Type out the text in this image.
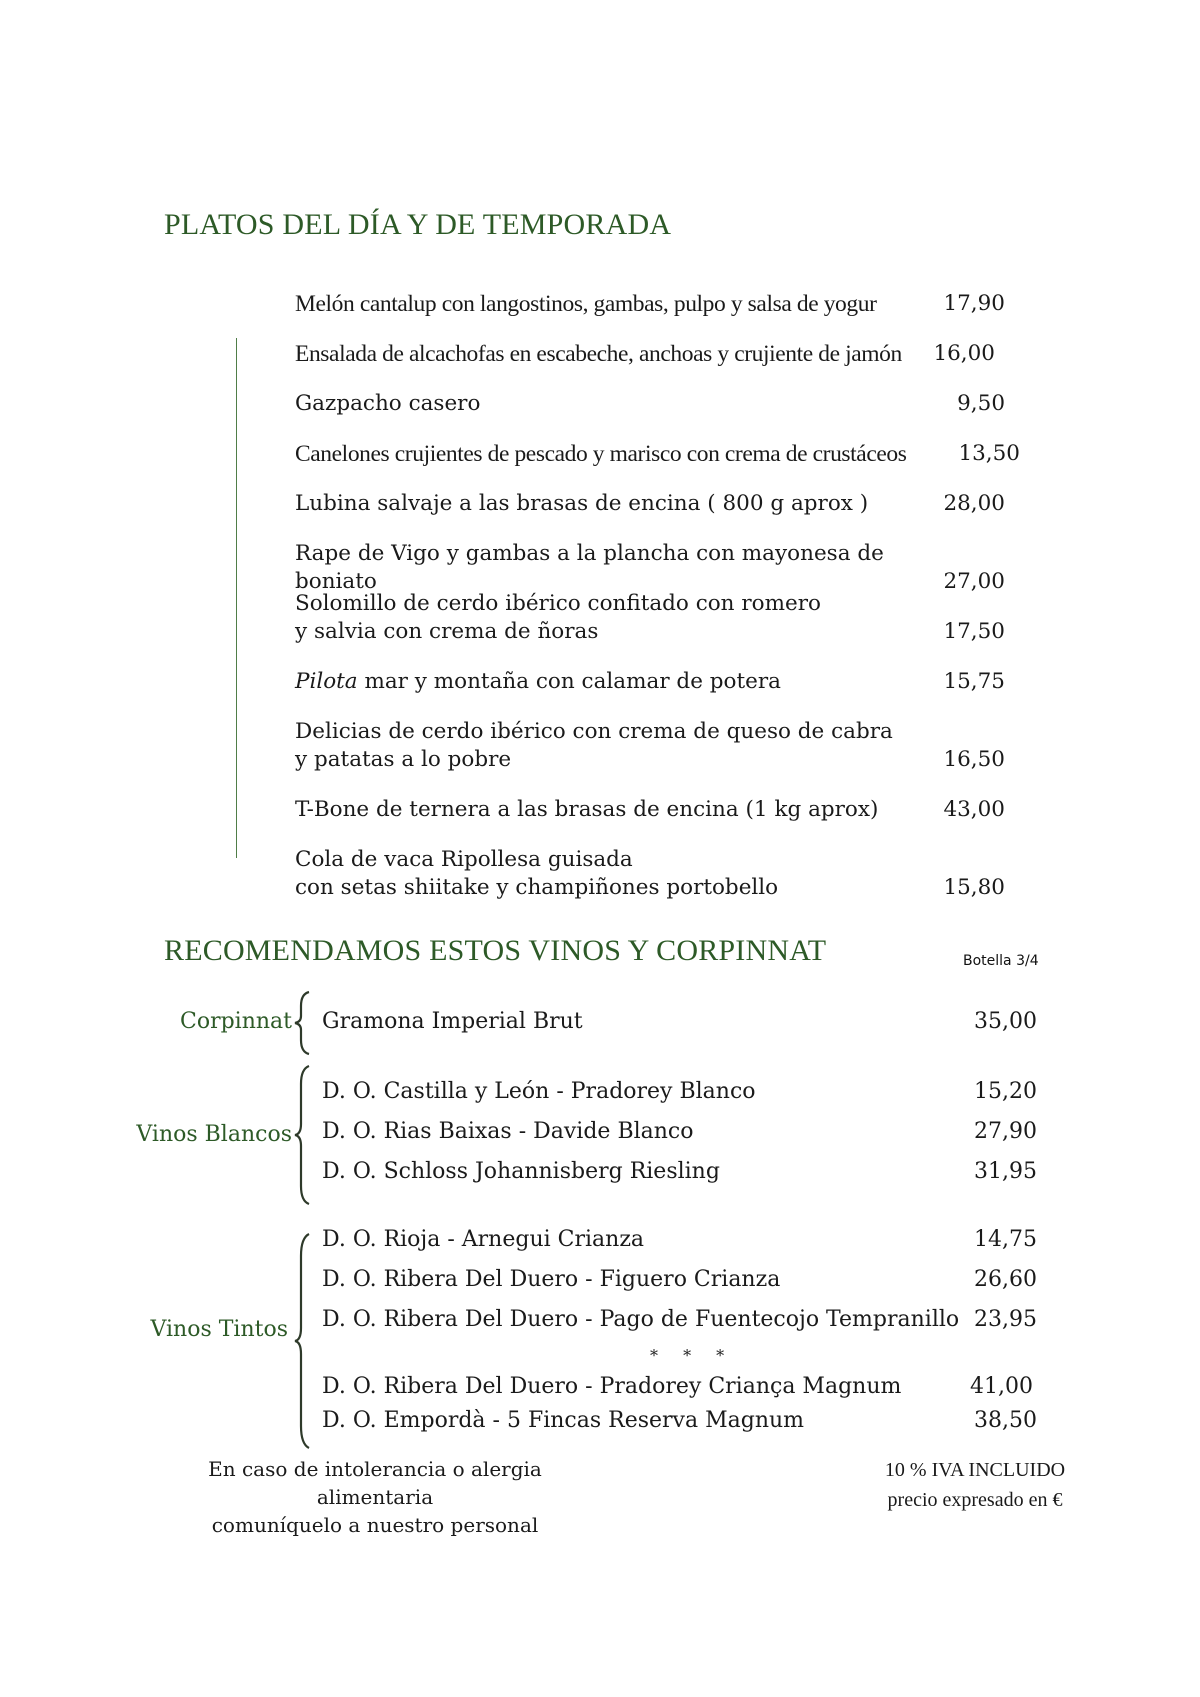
PLATOS DEL DÍA Y DE TEMPORADA
Melón cantalup con langostinos, gambas, pulpo y salsa de yogur	17,90
Ensalada de alcachofas en escabeche, anchoas y crujiente de jamón	16,00
Gazpacho casero	9,50
Canelones crujientes de pescado y marisco con crema de crustáceos	13,50
Lubina salvaje a las brasas de encina ( 800 g aprox )	28,00
Rape de Vigo y gambas a la plancha con mayonesa de boniato	27,00
Solomillo de cerdo ibérico confitado con romero
y salvia con crema de ñoras	17,50
Pilota mar y montaña con calamar de potera	15,75
Delicias de cerdo ibérico con crema de queso de cabra
y patatas a lo pobre	16,50
T-Bone de ternera a las brasas de encina (1 kg aprox)	43,00
Cola de vaca Ripollesa guisada
con setas shiitake y champiñones portobello	15,80
RECOMENDAMOS ESTOS VINOS Y CORPINNAT	Botella 3/4
Corpinnat Gramona Imperial Brut	35,00
Vinos Blancos
D. O. Castilla y León - Pradorey Blanco	15,20
D. O. Rias Baixas - Davide Blanco	27,90
D. O. Schloss Johannisberg Riesling	31,95
Vinos Tintos
D. O. Rioja - Arnegui Crianza	14,75
D. O. Ribera Del Duero - Figuero Crianza	26,60
D. O. Ribera Del Duero - Pago de Fuentecojo Tempranillo 23,95
* * *
D. O. Ribera Del Duero - Pradorey Criança Magnum	41,00
D. O. Empordà - 5 Fincas Reserva Magnum	38,50
En caso de intolerancia o alergia alimentaria
comuníquelo a nuestro personal
10 % IVA INCLUIDO
precio expresado en €
